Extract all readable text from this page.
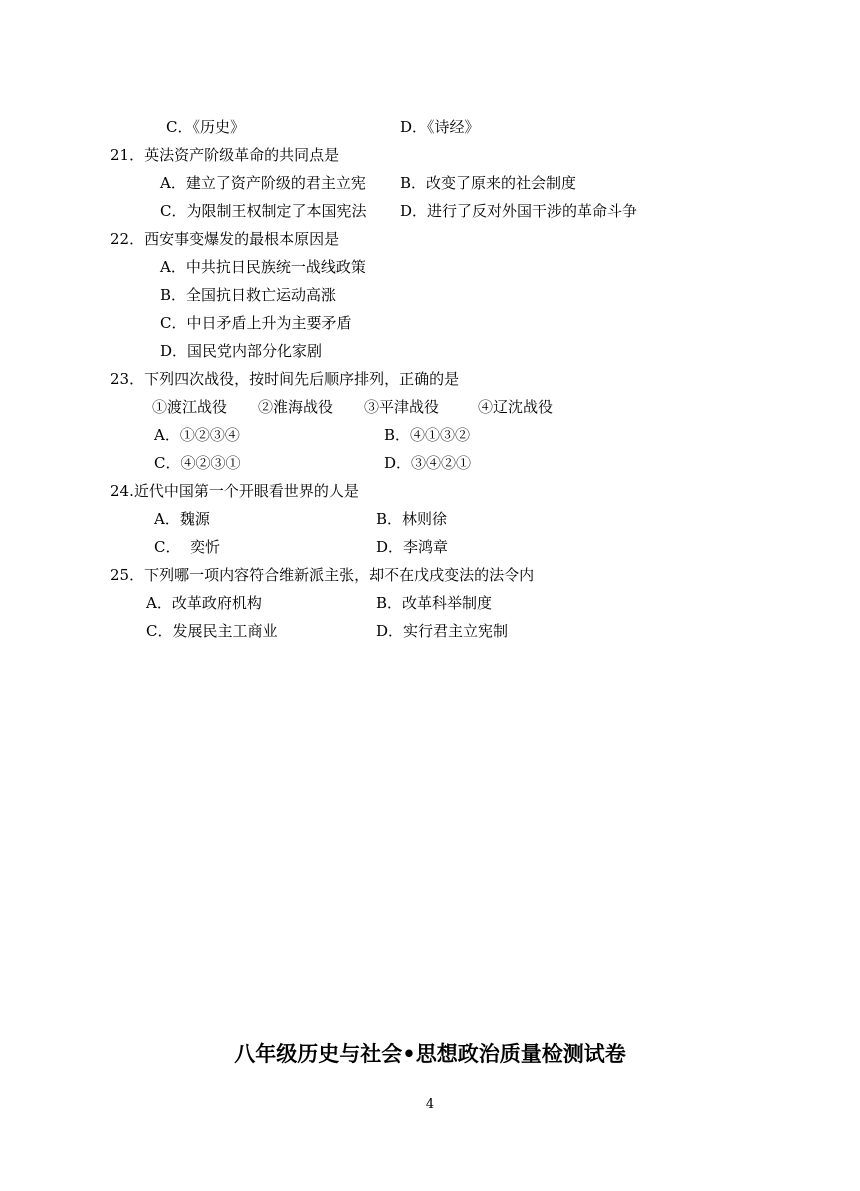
C．《历史》	D．《诗经》
21．英法资产阶级革命的共同点是
A．建立了资产阶级的君主立宪 B．改变了原来的社会制度
C．为限制王权制定了本国宪法 D．进行了反对外国干涉的革命斗争
22．西安事变爆发的最根本原因是
A．中共抗日民族统一战线政策
B．全国抗日救亡运动高涨
C．中日矛盾上升为主要矛盾
D．国民党内部分化家剧
23．下列四次战役，按时间先后顺序排列，正确的是
①渡江战役 ②淮海战役 ③平津战役	④辽沈战役
A．①②③④	B．④①③②
C．④②③①	D．③④②①
24.近代中国第一个开眼看世界的人是
A．魏源	B．林则徐
C．  奕忻	D．李鸿章
25．下列哪一项内容符合维新派主张，却不在戊戌变法的法令内
A．改革政府机构	B．改革科举制度
C．发展民主工商业	D．实行君主立宪制
八年级历史与社会•思想政治质量检测试卷
4
